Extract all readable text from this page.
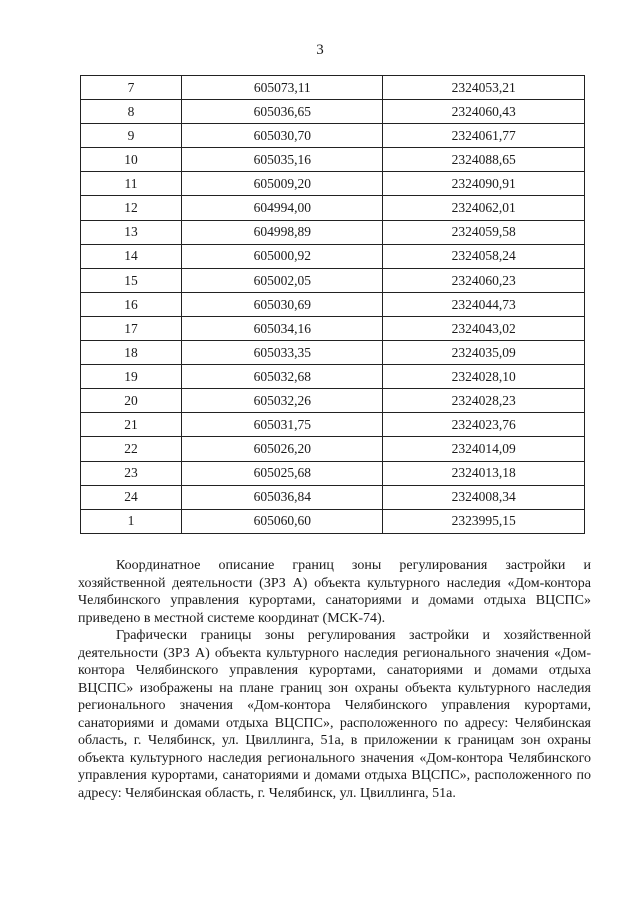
3
7	605073,11	2324053,21
8	605036,65	2324060,43
9	605030,70	2324061,77
10	605035,16	2324088,65
11	605009,20	2324090,91
12	604994,00	2324062,01
13	604998,89	2324059,58
14	605000,92	2324058,24
15	605002,05	2324060,23
16	605030,69	2324044,73
17	605034,16	2324043,02
18	605033,35	2324035,09
19	605032,68	2324028,10
20	605032,26	2324028,23
21	605031,75	2324023,76
22	605026,20	2324014,09
23	605025,68	2324013,18
24	605036,84	2324008,34
1	605060,60	2323995,15

Координатное описание границ зоны регулирования застройки и хозяйственной деятельности (ЗРЗ А) объекта культурного наследия «Дом-контора Челябинского управления курортами, санаториями и домами отдыха ВЦСПС» приведено в местной системе координат (МСК-74).

Графически границы зоны регулирования застройки и хозяйственной деятельности (ЗРЗ А) объекта культурного наследия регионального значения «Дом-контора Челябинского управления курортами, санаториями и домами отдыха ВЦСПС» изображены на плане границ зон охраны объекта культурного наследия регионального значения «Дом-контора Челябинского управления курортами, санаториями и домами отдыха ВЦСПС», расположенного по адресу: Челябинская область, г. Челябинск, ул. Цвиллинга, 51а, в приложении к границам зон охраны объекта культурного наследия регионального значения «Дом-контора Челябинского управления курортами, санаториями и домами отдыха ВЦСПС», расположенного по адресу: Челябинская область, г. Челябинск, ул. Цвиллинга, 51а.
